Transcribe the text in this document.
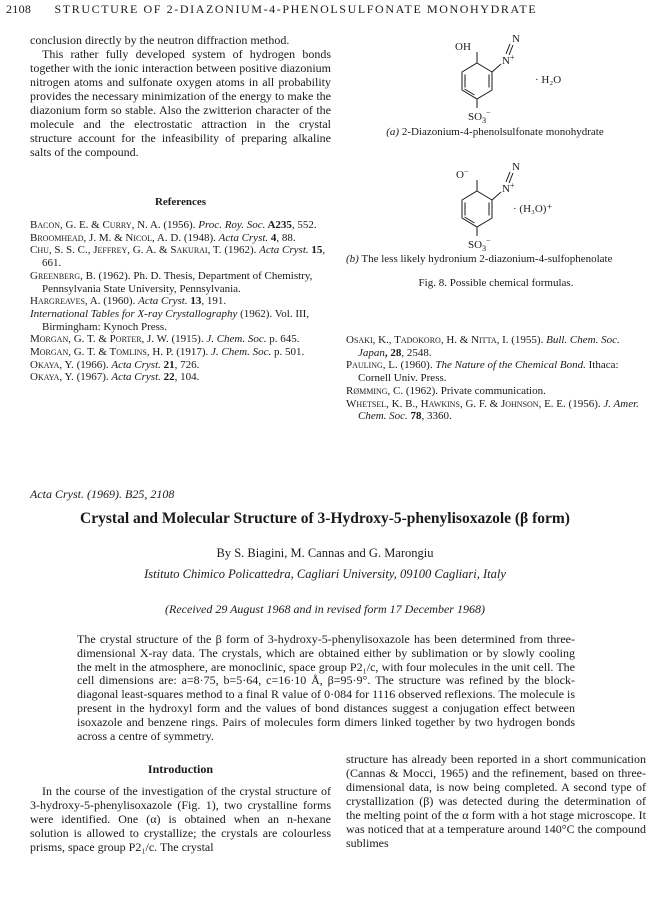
2108 STRUCTURE OF 2-DIAZONIUM-4-PHENOLSULFONATE MONOHYDRATE

conclusion directly by the neutron diffraction method.

This rather fully developed system of hydrogen bonds together with the ionic interaction between positive diazonium nitrogen atoms and sulfonate oxygen atoms in all probability provides the necessary minimization of the energy to make the diazonium form so stable. Also the zwitterion character of the molecule and the electrostatic attraction in the crystal structure account for the infeasibility of preparing alkaline salts of the compound.

References

Bacon, G. E. & Curry, N. A. (1956). Proc. Roy. Soc. A235, 552.

Broomhead, J. M. & Nicol, A. D. (1948). Acta Cryst. 4, 88.

Chu, S. S. C., Jeffrey, G. A. & Sakurai, T. (1962). Acta Cryst. 15, 661.

Greenberg, B. (1962). Ph. D. Thesis, Department of Chemistry, Pennsylvania State University, Pennsylvania.

Hargreaves, A. (1960). Acta Cryst. 13, 191.

International Tables for X-ray Crystallography (1962). Vol. III, Birmingham: Kynoch Press.

Morgan, G. T. & Porter, J. W. (1915). J. Chem. Soc. p. 645.

Morgan, G. T. & Tomlins, H. P. (1917). J. Chem. Soc. p. 501.

Okaya, Y. (1966). Acta Cryst. 21, 726.

Okaya, Y. (1967). Acta Cryst. 22, 104.

OH
N+
N
$SO_3^-$
· H₂O
(a) 2-Diazonium-4-phenolsulfonate monohydrate
O−
N+
N
$SO_3^-$
· (H₃O)⁺
(b) The less likely hydronium 2-diazonium-4-sulfophenolate
Fig. 8. Possible chemical formulas.

Osaki, K., Tadokoro, H. & Nitta, I. (1955). Bull. Chem. Soc. Japan, 28, 2548.

Pauling, L. (1960). The Nature of the Chemical Bond. Ithaca: Cornell Univ. Press.

Rømming, C. (1962). Private communication.

Whetsel, K. B., Hawkins, G. F. & Johnson, E. E. (1956). J. Amer. Chem. Soc. 78, 3360.

Acta Cryst. (1969). B25, 2108
Crystal and Molecular Structure of 3-Hydroxy-5-phenylisoxazole (β form)
By S. Biagini, M. Cannas and G. Marongiu
Istituto Chimico Policattedra, Cagliari University, 09100 Cagliari, Italy
(Received 29 August 1968 and in revised form 17 December 1968)
The crystal structure of the β form of 3-hydroxy-5-phenylisoxazole has been determined from three-dimensional X-ray data. The crystals, which are obtained either by sublimation or by slowly cooling the melt in the atmosphere, are monoclinic, space group P2₁/c, with four molecules in the unit cell. The cell dimensions are: a=8·75, b=5·64, c=16·10 Å, β=95·9°. The structure was refined by the block-diagonal least-squares method to a final R value of 0·084 for 1116 observed reflexions. The molecule is present in the hydroxyl form and the values of bond distances suggest a conjugation effect between isoxazole and benzene rings. Pairs of molecules form dimers linked together by two hydrogen bonds across a centre of symmetry.
Introduction
In the course of the investigation of the crystal structure of 3-hydroxy-5-phenylisoxazole (Fig. 1), two crystalline forms were identified. One (α) is obtained when an n-hexane solution is allowed to crystallize; the crystals are colourless prisms, space group P2₁/c. The crystal
structure has already been reported in a short communication (Cannas & Mocci, 1965) and the refinement, based on three-dimensional data, is now being completed. A second type of crystallization (β) was detected during the determination of the melting point of the α form with a hot stage microscope. It was noticed that at a temperature around 140°C the compound sublimes
